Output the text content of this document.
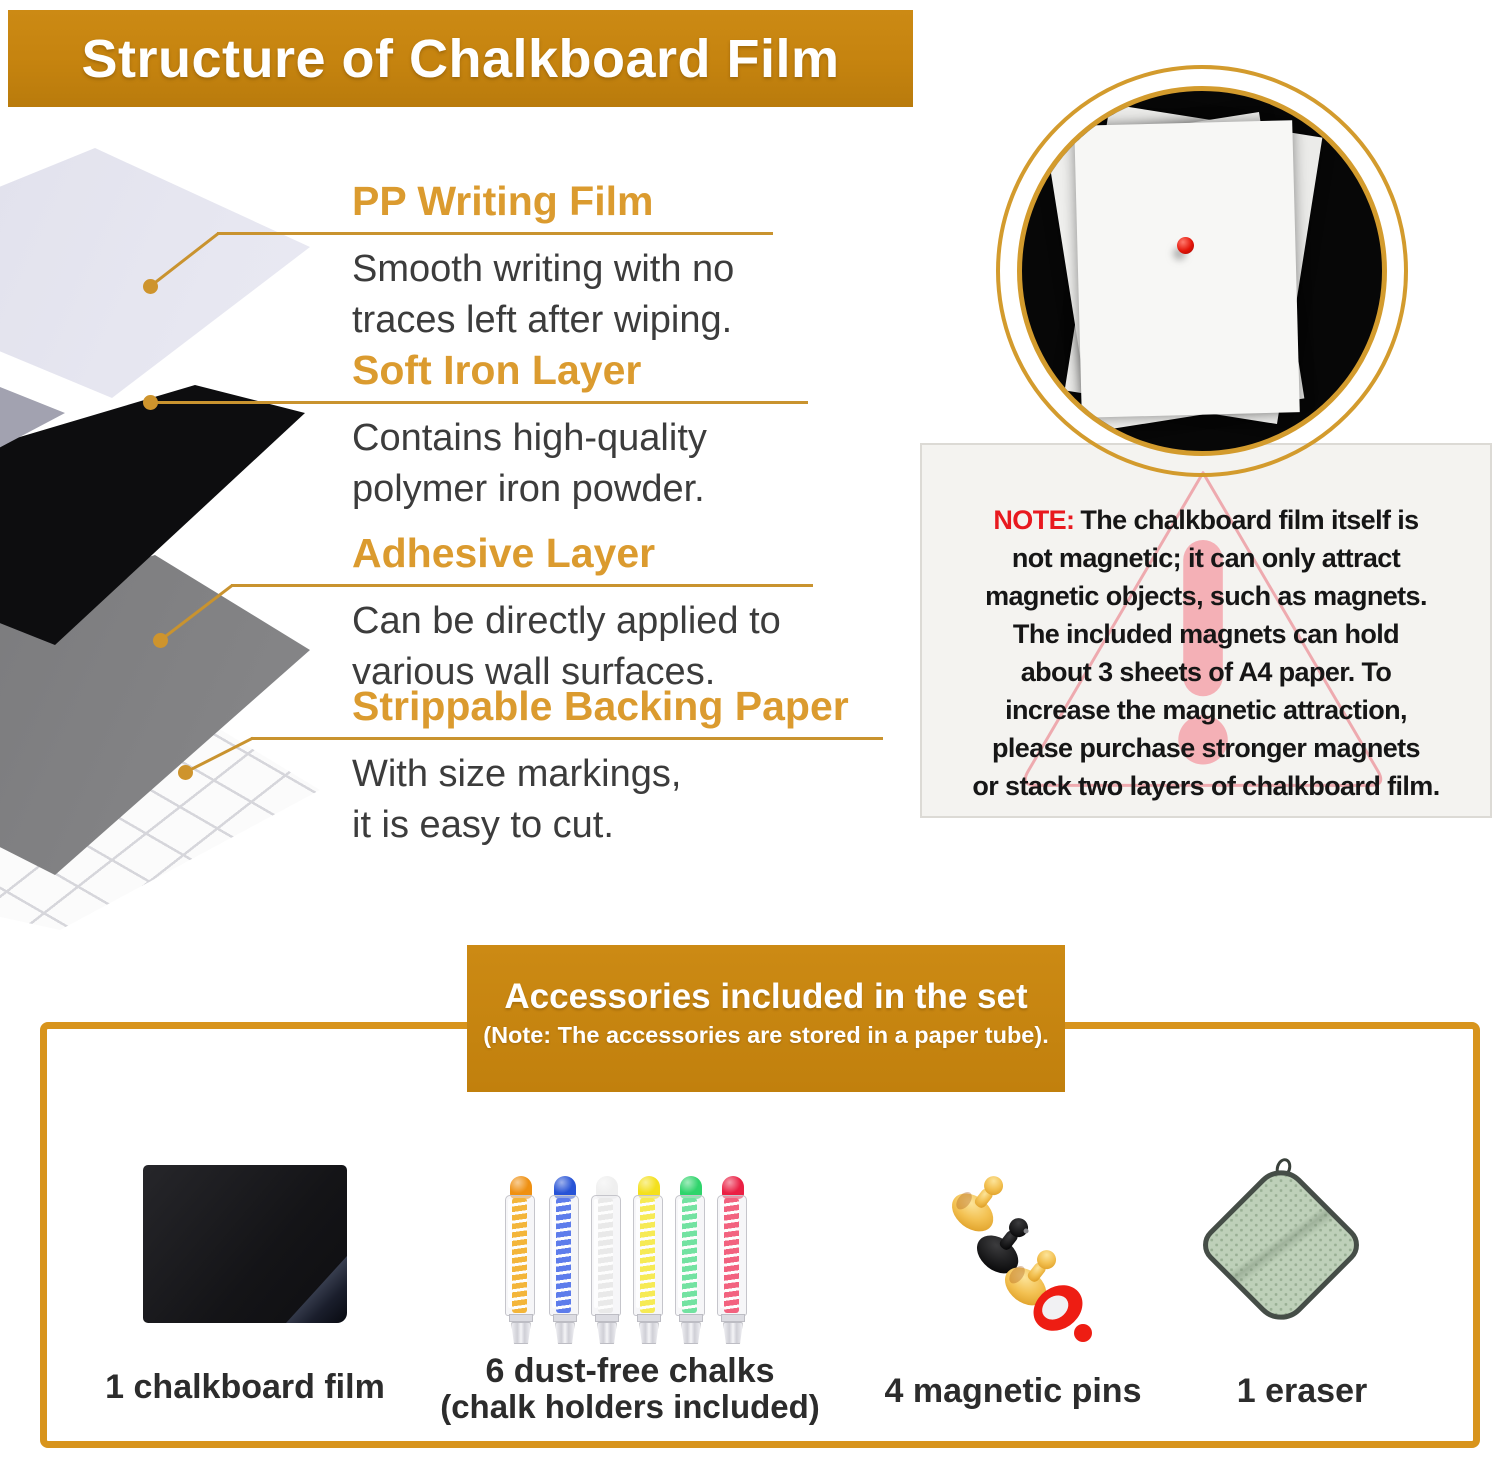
Structure of Chalkboard Film
PP Writing Film
Smooth writing with no
traces left after wiping.
Soft Iron Layer
Contains high-quality
polymer iron powder.
Adhesive Layer
Can be directly applied to
various wall surfaces.
Strippable Backing Paper
With size markings,
it is easy to cut.
NOTE: The chalkboard film itself is
not magnetic; it can only attract
magnetic objects, such as magnets.
The included magnets can hold
about 3 sheets of A4 paper. To
increase the magnetic attraction,
please purchase stronger magnets
or stack two layers of chalkboard film.
Accessories included in the set
(Note: The accessories are stored in a paper tube).
1 chalkboard film	6 dust-free chalks
(chalk holders included) 4 magnetic pins	1 eraser
